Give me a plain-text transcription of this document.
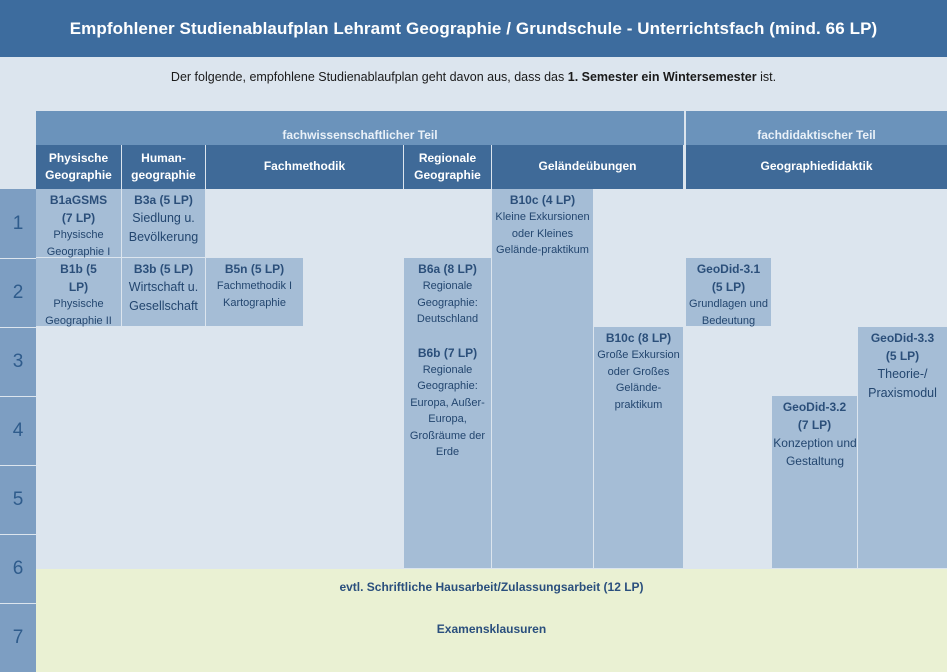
Empfohlener Studienablaufplan Lehramt Geographie / Grundschule - Unterrichtsfach (mind. 66 LP)
Der folgende, empfohlene Studienablaufplan geht davon aus, dass das 1. Semester ein Wintersemester ist.
fachwissenschaftlicher Teil	fachdidaktischer Teil
Physische Geographie
Human-geographie
Fachmethodik
Regionale Geographie
Geländeübungen	Geographiedidaktik
1
2
3
4
5
6
7
B1aGSMS (7 LP)
Physische Geographie I
B3a (5 LP)
Siedlung u. Bevölkerung
B10c (4 LP)
Kleine Exkursionen oder Kleines Gelände-praktikum
B1b (5 LP)
Physische Geographie II
B3b (5 LP)
Wirtschaft u. Gesellschaft
B5n (5 LP)
Fachmethodik I Kartographie
B6a (8 LP)
Regionale Geographie: Deutschland
B6b (7 LP)
Regionale Geographie: Europa, Außer-Europa, Großräume der Erde
GeoDid-3.1 (5 LP)
Grundlagen und Bedeutung
B10c (8 LP)
Große Exkursion oder Großes Gelände-praktikum
GeoDid-3.3 (5 LP)
Theorie-/ Praxismodul
GeoDid-3.2 (7 LP)
Konzeption und Gestaltung
evtl. Schriftliche Hausarbeit/Zulassungsarbeit (12 LP)
Examensklausuren
